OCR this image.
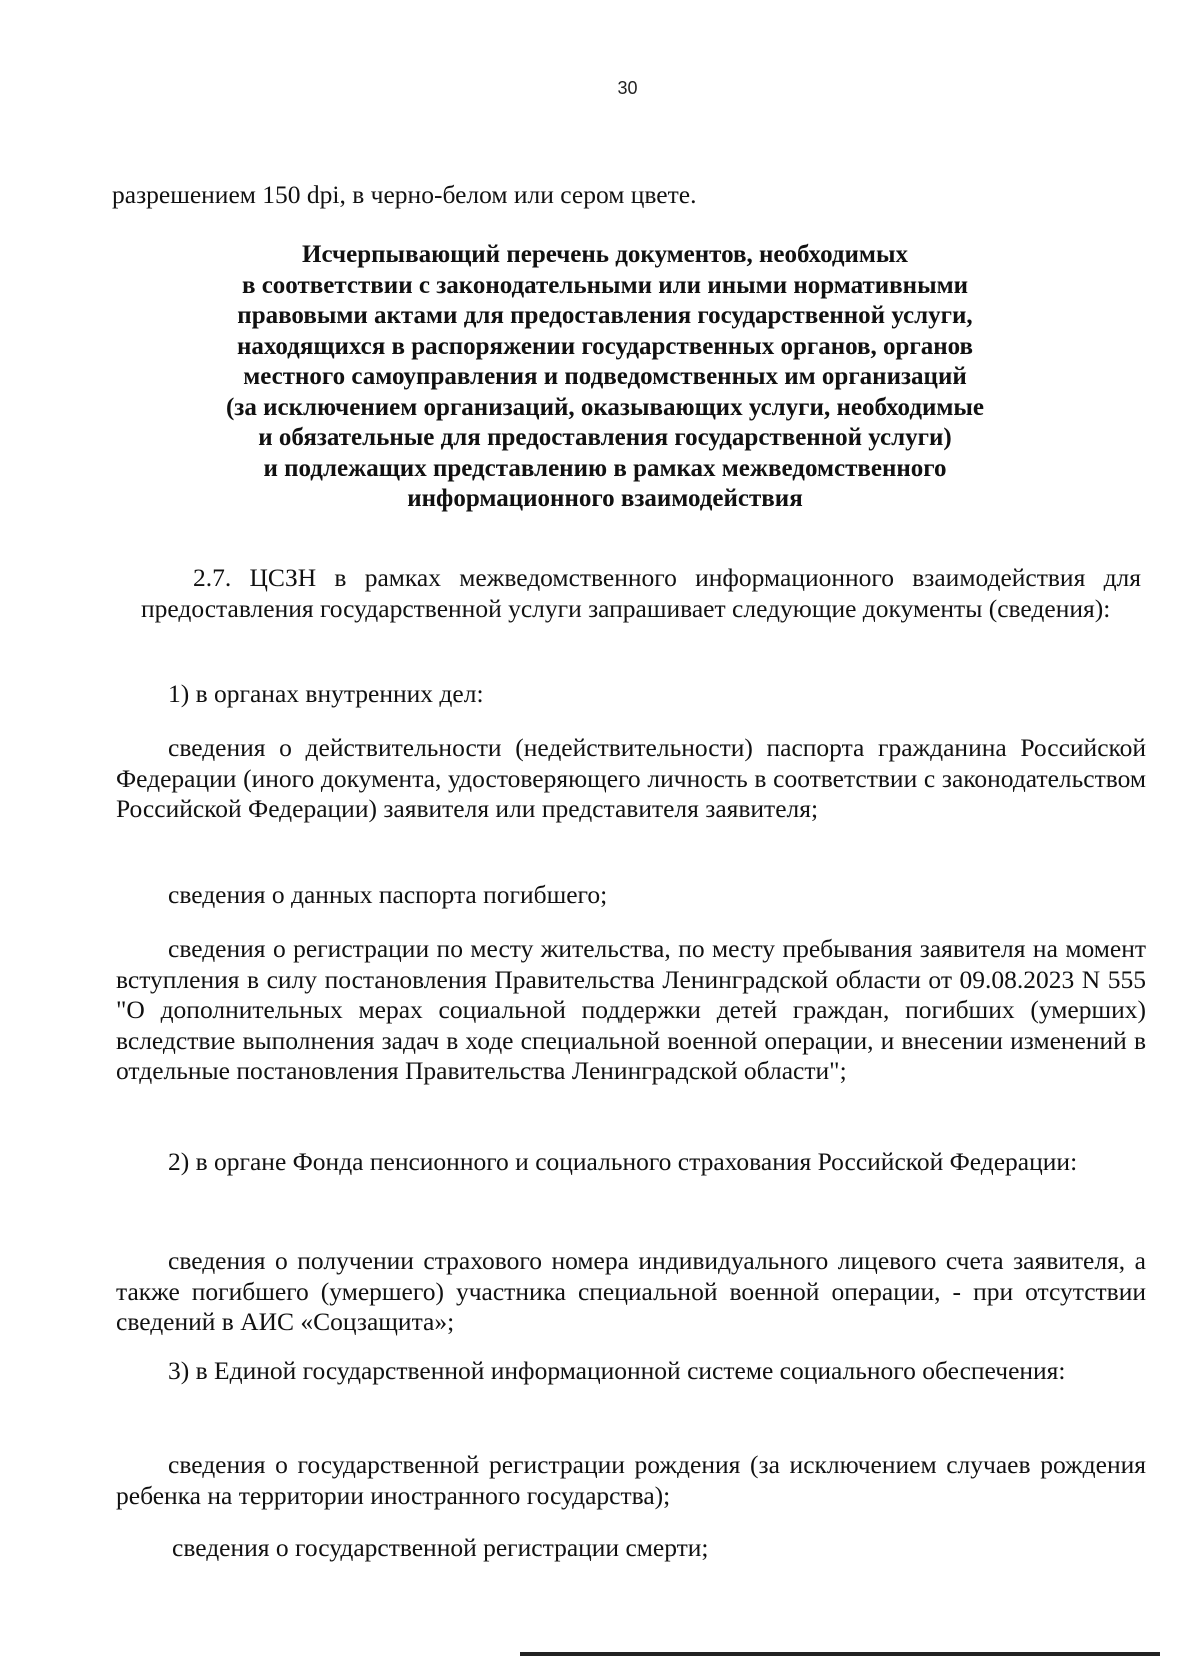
30

разрешением 150 dpi, в черно-белом или сером цвете.

Исчерпывающий перечень документов, необходимых
в соответствии с законодательными или иными нормативными
правовыми актами для предоставления государственной услуги,
находящихся в распоряжении государственных органов, органов
местного самоуправления и подведомственных им организаций
(за исключением организаций, оказывающих услуги, необходимые
и обязательные для предоставления государственной услуги)
и подлежащих представлению в рамках межведомственного
информационного взаимодействия

2.7. ЦСЗН в рамках межведомственного информационного взаимодействия для предоставления государственной услуги запрашивает следующие документы (сведения):

1) в органах внутренних дел:

сведения о действительности (недействительности) паспорта гражданина Российской Федерации (иного документа, удостоверяющего личность в соответствии с законодательством Российской Федерации) заявителя или представителя заявителя;

сведения о данных паспорта погибшего;

сведения о регистрации по месту жительства, по месту пребывания заявителя на момент вступления в силу постановления Правительства Ленинградской области от 09.08.2023 N 555 "О дополнительных мерах социальной поддержки детей граждан, погибших (умерших) вследствие выполнения задач в ходе специальной военной операции, и внесении изменений в отдельные постановления Правительства Ленинградской области";

2) в органе Фонда пенсионного и социального страхования Российской Федерации:

сведения о получении страхового номера индивидуального лицевого счета заявителя, а также погибшего (умершего) участника специальной военной операции, - при отсутствии сведений в АИС «Соцзащита»;

3) в Единой государственной информационной системе социального обеспечения:

сведения о государственной регистрации рождения (за исключением случаев рождения ребенка на территории иностранного государства);

сведения о государственной регистрации смерти;
